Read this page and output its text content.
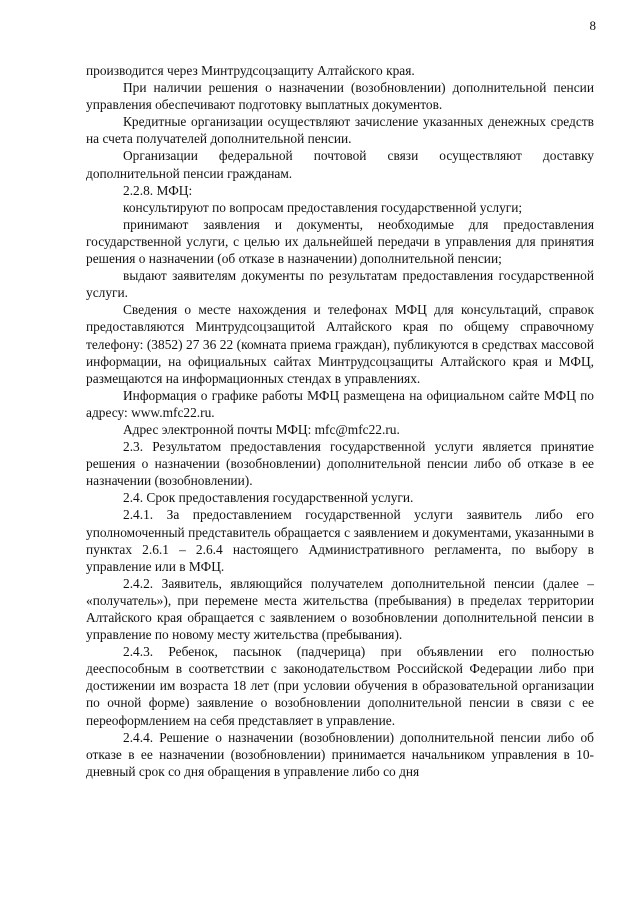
8

производится через Минтрудсоцзащиту Алтайского края.

При наличии решения о назначении (возобновлении) дополнительной пенсии управления обеспечивают подготовку выплатных документов.

Кредитные организации осуществляют зачисление указанных денежных средств на счета получателей дополнительной пенсии.

Организации федеральной почтовой связи осуществляют доставку дополнительной пенсии гражданам.

2.2.8. МФЦ:

консультируют по вопросам предоставления государственной услуги;

принимают заявления и документы, необходимые для предоставления государственной услуги, с целью их дальнейшей передачи в управления для принятия решения о назначении (об отказе в назначении) дополнительной пенсии;

выдают заявителям документы по результатам предоставления государственной услуги.

Сведения о месте нахождения и телефонах МФЦ для консультаций, справок предоставляются Минтрудсоцзащитой Алтайского края по общему справочному телефону: (3852) 27 36 22 (комната приема граждан), публикуются в средствах массовой информации, на официальных сайтах Минтрудсоцзащиты Алтайского края и МФЦ, размещаются на информационных стендах в управлениях.

Информация о графике работы МФЦ размещена на официальном сайте МФЦ по адресу: www.mfc22.ru.

Адрес электронной почты МФЦ: mfc@mfc22.ru.

2.3. Результатом предоставления государственной услуги является принятие решения о назначении (возобновлении) дополнительной пенсии либо об отказе в ее назначении (возобновлении).

2.4. Срок предоставления государственной услуги.

2.4.1. За предоставлением государственной услуги заявитель либо его уполномоченный представитель обращается с заявлением и документами, указанными в пунктах 2.6.1 – 2.6.4 настоящего Административного регламента, по выбору в управление или в МФЦ.

2.4.2. Заявитель, являющийся получателем дополнительной пенсии (далее – «получатель»), при перемене места жительства (пребывания) в пределах территории Алтайского края обращается с заявлением о возобновлении дополнительной пенсии в управление по новому месту жительства (пребывания).

2.4.3. Ребенок, пасынок (падчерица) при объявлении его полностью дееспособным в соответствии с законодательством Российской Федерации либо при достижении им возраста 18 лет (при условии обучения в образовательной организации по очной форме) заявление о возобновлении дополнительной пенсии в связи с ее переоформлением на себя представляет в управление.

2.4.4. Решение о назначении (возобновлении) дополнительной пенсии либо об отказе в ее назначении (возобновлении) принимается начальником управления в 10-дневный срок со дня обращения в управление либо со дня
